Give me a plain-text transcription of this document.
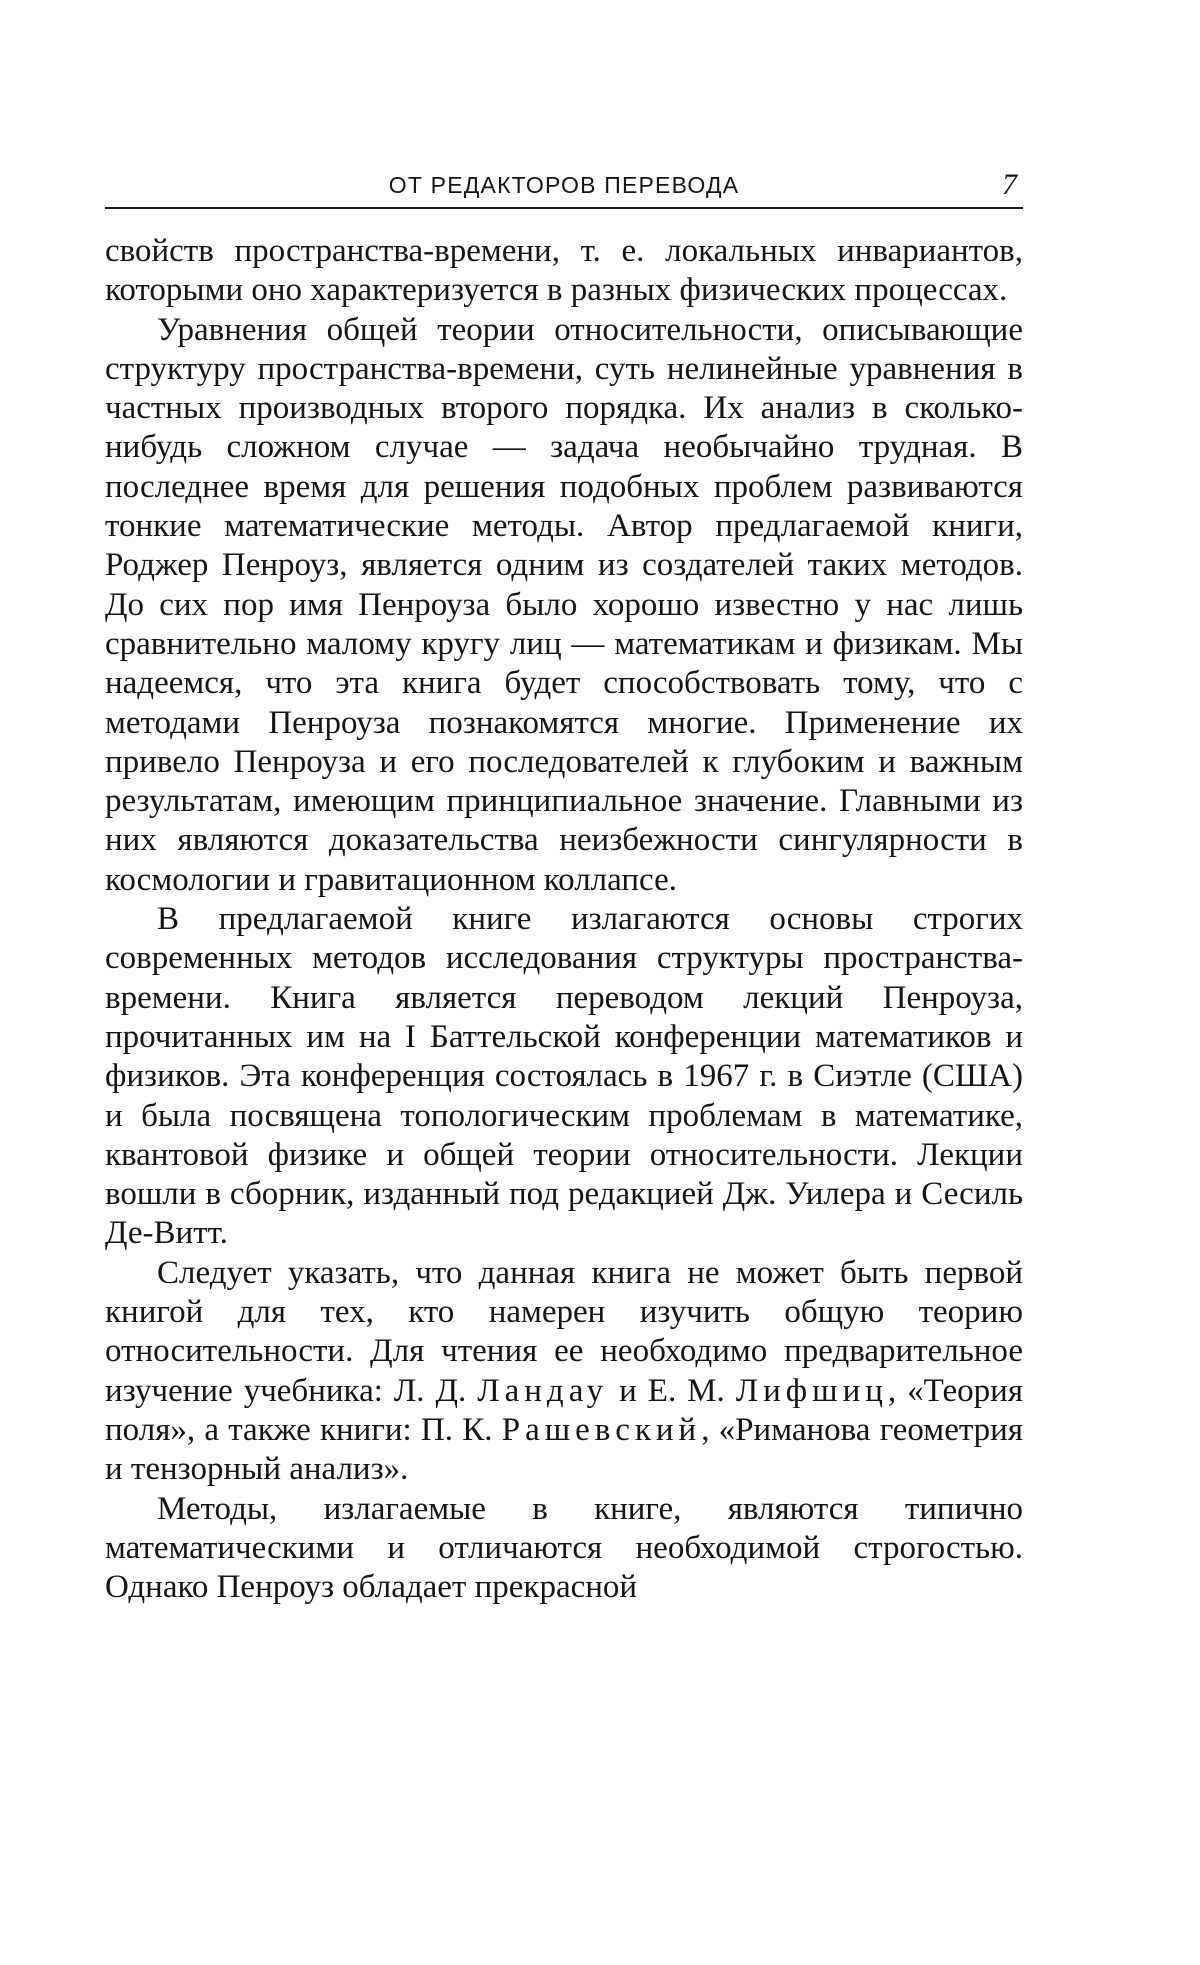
ОТ РЕДАКТОРОВ ПЕРЕВОДА	7

свойств пространства-времени, т. е. локальных инвариантов, которыми оно характеризуется в разных физических процессах.

Уравнения общей теории относительности, описывающие структуру пространства-времени, суть нелинейные уравнения в частных производных второго порядка. Их анализ в сколько-нибудь сложном случае — задача необычайно трудная. В последнее время для решения подобных проблем развиваются тонкие математические методы. Автор предлагаемой книги, Роджер Пенроуз, является одним из создателей таких методов. До сих пор имя Пенроуза было хорошо известно у нас лишь сравнительно малому кругу лиц — математикам и физикам. Мы надеемся, что эта книга будет способствовать тому, что с методами Пенроуза познакомятся многие. Применение их привело Пенроуза и его последователей к глубоким и важным результатам, имеющим принципиальное значение. Главными из них являются доказательства неизбежности сингулярности в космологии и гравитационном коллапсе.

В предлагаемой книге излагаются основы строгих современных методов исследования структуры пространства-времени. Книга является переводом лекций Пенроуза, прочитанных им на I Баттельской конференции математиков и физиков. Эта конференция состоялась в 1967 г. в Сиэтле (США) и была посвящена топологическим проблемам в математике, квантовой физике и общей теории относительности. Лекции вошли в сборник, изданный под редакцией Дж. Уилера и Сесиль Де-Витт.

Следует указать, что данная книга не может быть первой книгой для тех, кто намерен изучить общую теорию относительности. Для чтения ее необходимо предварительное изучение учебника: Л. Д. Ландау и Е. М. Лифшиц, «Теория поля», а также книги: П. К. Рашевский, «Риманова геометрия и тензорный анализ».

Методы, излагаемые в книге, являются типично математическими и отличаются необходимой строгостью. Однако Пенроуз обладает прекрасной
